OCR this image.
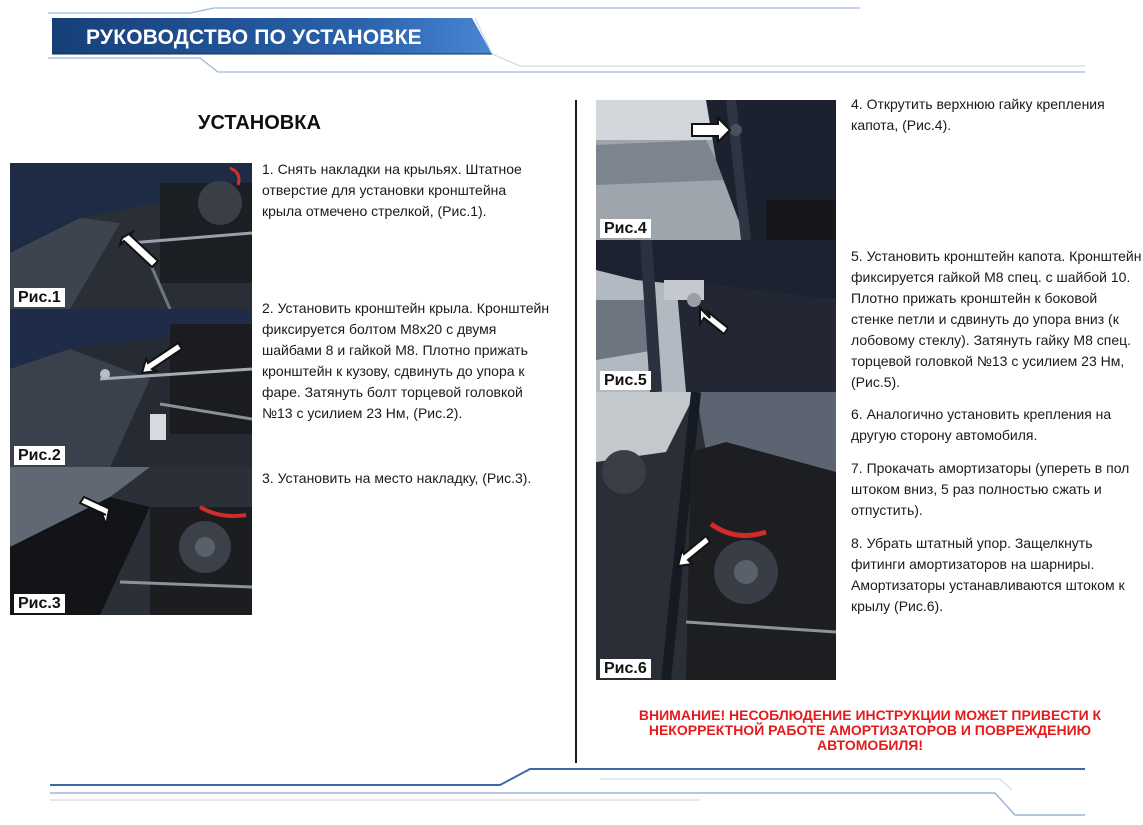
РУКОВОДСТВО ПО УСТАНОВКЕ
УСТАНОВКА
Рис.1
Рис.2
Рис.3
Рис.4
Рис.5
Рис.6
1. Снять накладки на крыльях. Штатное отверстие для установки кронштейна крыла отмечено стрелкой, (Рис.1).
2. Установить кронштейн крыла. Кронштейн фиксируется болтом М8х20 с двумя шайбами 8 и гайкой М8. Плотно прижать кронштейн к кузову, сдвинуть до упора к фаре. Затянуть болт торцевой головкой №13 с усилием 23 Нм, (Рис.2).
3. Установить на место накладку, (Рис.3).
4. Открутить верхнюю гайку крепления капота, (Рис.4).
5. Установить кронштейн капота. Кронштейн фиксируется гайкой М8 спец. с шайбой 10. Плотно прижать кронштейн к боковой стенке петли и сдвинуть до упора вниз (к лобовому стеклу). Затянуть гайку М8 спец. торцевой головкой №13 с усилием 23 Нм, (Рис.5).
6. Аналогично установить крепления на другую сторону автомобиля.
7. Прокачать амортизаторы (упереть в пол штоком вниз, 5 раз полностью сжать и отпустить).
8. Убрать штатный упор. Защелкнуть фитинги амортизаторов на шарниры. Амортизаторы устанавливаются штоком к крылу (Рис.6).
ВНИМАНИЕ! НЕСОБЛЮДЕНИЕ ИНСТРУКЦИИ МОЖЕТ ПРИВЕСТИ К НЕКОРРЕКТНОЙ РАБОТЕ АМОРТИЗАТОРОВ И ПОВРЕЖДЕНИЮ АВТОМОБИЛЯ!
